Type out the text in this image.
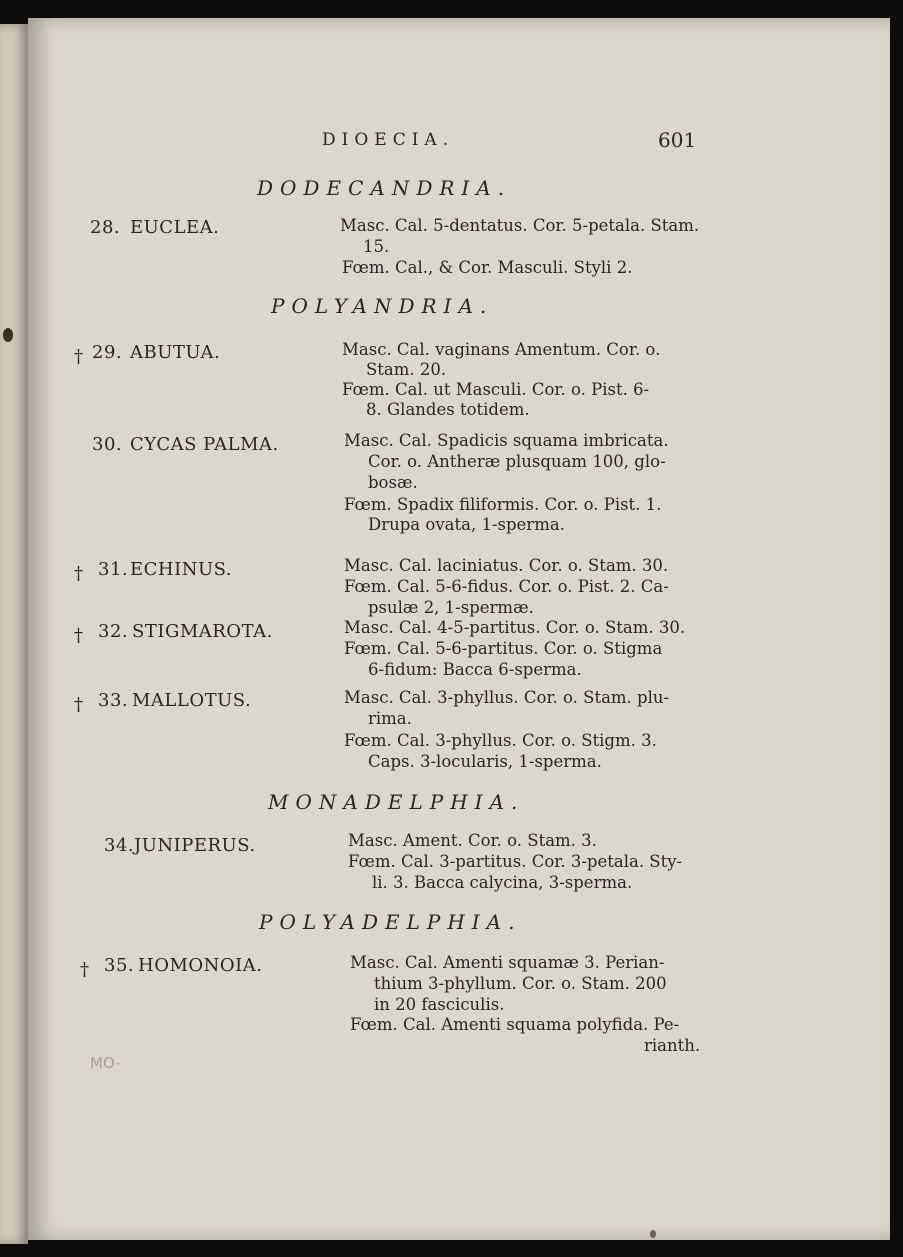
DIOECIA.	601
DODECANDRIA.
POLYANDRIA.
MONADELPHIA.
POLYADELPHIA.
28. EUCLEA.	Masc. Cal. 5-dentatus. Cor. 5-petala. Stam.
15.
Fœm. Cal., & Cor. Masculi. Styli 2.
† 29. ABUTUA.	Masc. Cal. vaginans Amentum. Cor. o.
Stam. 20.
Fœm. Cal. ut Masculi. Cor. o. Pist. 6-
8. Glandes totidem.
30. CYCAS PALMA.	Masc. Cal. Spadicis squama imbricata.
Cor. o. Antheræ plusquam 100, glo-
bosæ.
Fœm. Spadix filiformis. Cor. o. Pist. 1.
Drupa ovata, 1-sperma.
† 31. ECHINUS.	Masc. Cal. laciniatus. Cor. o. Stam. 30.
Fœm. Cal. 5-6-fidus. Cor. o. Pist. 2. Ca-
psulæ 2, 1-spermæ.
† 32. STIGMAROTA.	Masc. Cal. 4-5-partitus. Cor. o. Stam. 30.
Fœm. Cal. 5-6-partitus. Cor. o. Stigma
6-fidum: Bacca 6-sperma.
† 33. MALLOTUS.	Masc. Cal. 3-phyllus. Cor. o. Stam. plu-
rima.
Fœm. Cal. 3-phyllus. Cor. o. Stigm. 3.
Caps. 3-locularis, 1-sperma.
34. JUNIPERUS.	Masc. Ament. Cor. o. Stam. 3.
Fœm. Cal. 3-partitus. Cor. 3-petala. Sty-
li. 3. Bacca calycina, 3-sperma.
† 35. HOMONOIA.	Masc. Cal. Amenti squamæ 3. Perian-
thium 3-phyllum. Cor. o. Stam. 200
in 20 fasciculis.
Fœm. Cal. Amenti squama polyfida. Pe-
rianth.
MO-
